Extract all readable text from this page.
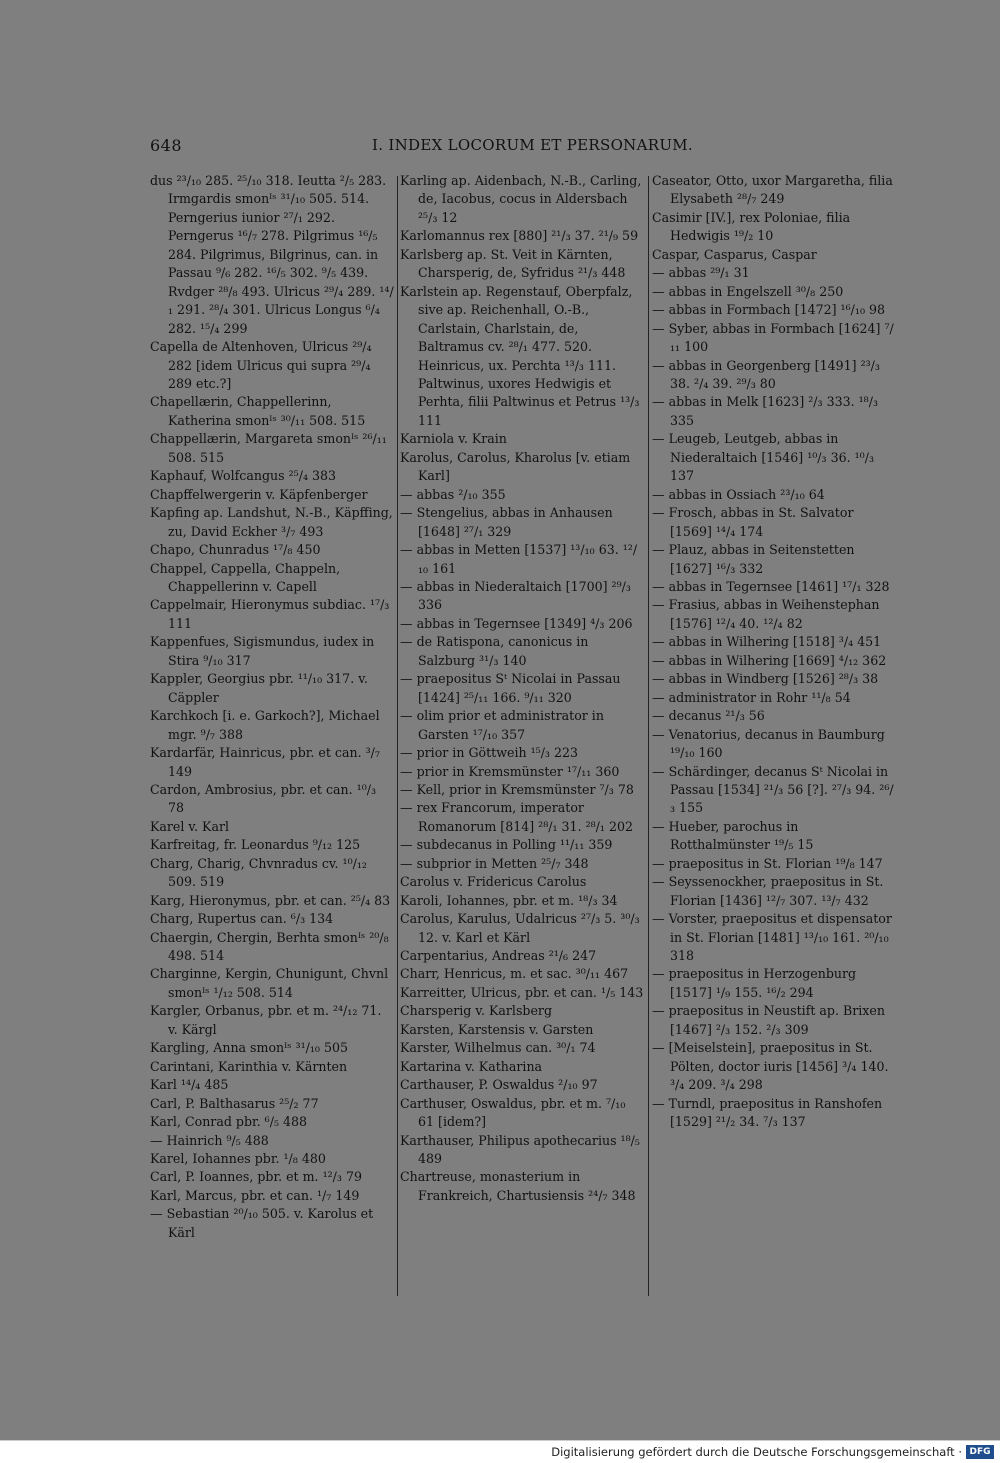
648	I. INDEX LOCORUM ET PERSONARUM.

dus ²³/₁₀ 285. ²⁵/₁₀ 318. Ieutta ²/₅ 283. Irmgardis smonᴵˢ ³¹/₁₀ 505. 514. Perngerius iunior ²⁷/₁ 292. Perngerus ¹⁶/₇ 278. Pilgrimus ¹⁶/₅ 284. Pilgrimus, Bilgrinus, can. in Passau ⁹/₆ 282. ¹⁶/₅ 302. ⁹/₅ 439. Rvdger ²⁸/₈ 493. Ulricus ²⁹/₄ 289. ¹⁴/₁ 291. ²⁸/₄ 301. Ulricus Longus ⁶/₄ 282. ¹⁵/₄ 299

Capella de Altenhoven, Ulricus ²⁹/₄ 282 [idem Ulricus qui supra ²⁹/₄ 289 etc.?]

Chapellærin, Chappellerinn, Katherina smonᴵˢ ³⁰/₁₁ 508. 515

Chappellærin, Margareta smonᴵˢ ²⁶/₁₁ 508. 515

Kaphauf, Wolfcangus ²⁵/₄ 383

Chapffelwergerin v. Käpfenberger

Kapfing ap. Landshut, N.-B., Käpffing, zu, David Eckher ³/₇ 493

Chapo, Chunradus ¹⁷/₈ 450

Chappel, Cappella, Chappeln, Chappellerinn v. Capell

Cappelmair, Hieronymus subdiac. ¹⁷/₃ 111

Kappenfues, Sigismundus, iudex in Stira ⁹/₁₀ 317

Kappler, Georgius pbr. ¹¹/₁₀ 317. v. Cäppler

Karchkoch [i. e. Garkoch?], Michael mgr. ⁹/₇ 388

Kardarfär, Hainricus, pbr. et can. ³/₇ 149

Cardon, Ambrosius, pbr. et can. ¹⁰/₃ 78

Karel v. Karl

Karfreitag, fr. Leonardus ⁹/₁₂ 125

Charg, Charig, Chvnradus cv. ¹⁰/₁₂ 509. 519

Karg, Hieronymus, pbr. et can. ²⁵/₄ 83

Charg, Rupertus can. ⁶/₃ 134

Chaergin, Chergin, Berhta smonᴵˢ ²⁰/₈ 498. 514

Charginne, Kergin, Chunigunt, Chvnl smonᴵˢ ¹/₁₂ 508. 514

Kargler, Orbanus, pbr. et m. ²⁴/₁₂ 71. v. Kärgl

Kargling, Anna smonᴵˢ ³¹/₁₀ 505

Carintani, Karinthia v. Kärnten

Karl ¹⁴/₄ 485

Carl, P. Balthasarus ²⁵/₂ 77

Karl, Conrad pbr. ⁶/₅ 488

— Hainrich ⁹/₅ 488

Karel, Iohannes pbr. ¹/₈ 480

Carl, P. Ioannes, pbr. et m. ¹²/₃ 79

Karl, Marcus, pbr. et can. ¹/₇ 149

— Sebastian ²⁰/₁₀ 505. v. Karolus et Kärl

Karling ap. Aidenbach, N.-B., Carling, de, Iacobus, cocus in Aldersbach ²⁵/₃ 12

Karlomannus rex [880] ²¹/₃ 37. ²¹/₉ 59

Karlsberg ap. St. Veit in Kärnten, Charsperig, de, Syfridus ²¹/₃ 448

Karlstein ap. Regenstauf, Oberpfalz, sive ap. Reichenhall, O.-B., Carlstain, Charlstain, de, Baltramus cv. ²⁸/₁ 477. 520. Heinricus, ux. Perchta ¹³/₃ 111. Paltwinus, uxores Hedwigis et Perhta, filii Paltwinus et Petrus ¹³/₃ 111

Karniola v. Krain

Karolus, Carolus, Kharolus [v. etiam Karl]

— abbas ²/₁₀ 355

— Stengelius, abbas in Anhausen [1648] ²⁷/₁ 329

— abbas in Metten [1537] ¹³/₁₀ 63. ¹²/₁₀ 161

— abbas in Niederaltaich [1700] ²⁹/₃ 336

— abbas in Tegernsee [1349] ⁴/₃ 206

— de Ratispona, canonicus in Salzburg ³¹/₃ 140

— praepositus Sᵗ Nicolai in Passau [1424] ²⁵/₁₁ 166. ⁹/₁₁ 320

— olim prior et administrator in Garsten ¹⁷/₁₀ 357

— prior in Göttweih ¹⁵/₃ 223

— prior in Kremsmünster ¹⁷/₁₁ 360

— Kell, prior in Kremsmünster ⁷/₃ 78

— rex Francorum, imperator Romanorum [814] ²⁸/₁ 31. ²⁸/₁ 202

— subdecanus in Polling ¹¹/₁₁ 359

— subprior in Metten ²⁵/₇ 348

Carolus v. Fridericus Carolus

Karoli, Iohannes, pbr. et m. ¹⁸/₃ 34

Carolus, Karulus, Udalricus ²⁷/₃ 5. ³⁰/₃ 12. v. Karl et Kärl

Carpentarius, Andreas ²¹/₆ 247

Charr, Henricus, m. et sac. ³⁰/₁₁ 467

Karreitter, Ulricus, pbr. et can. ¹/₅ 143

Charsperig v. Karlsberg

Karsten, Karstensis v. Garsten

Karster, Wilhelmus can. ³⁰/₁ 74

Kartarina v. Katharina

Carthauser, P. Oswaldus ²/₁₀ 97

Carthuser, Oswaldus, pbr. et m. ⁷/₁₀ 61 [idem?]

Karthauser, Philipus apothecarius ¹⁸/₅ 489

Chartreuse, monasterium in Frankreich, Chartusiensis ²⁴/₇ 348

Caseator, Otto, uxor Margaretha, filia Elysabeth ²⁸/₇ 249

Casimir [IV.], rex Poloniae, filia Hedwigis ¹⁹/₂ 10

Caspar, Casparus, Caspar

— abbas ²⁹/₁ 31

— abbas in Engelszell ³⁰/₈ 250

— abbas in Formbach [1472] ¹⁶/₁₀ 98

— Syber, abbas in Formbach [1624] ⁷/₁₁ 100

— abbas in Georgenberg [1491] ²³/₃ 38. ²/₄ 39. ²⁹/₃ 80

— abbas in Melk [1623] ²/₃ 333. ¹⁸/₃ 335

— Leugeb, Leutgeb, abbas in Niederaltaich [1546] ¹⁰/₃ 36. ¹⁰/₃ 137

— abbas in Ossiach ²³/₁₀ 64

— Frosch, abbas in St. Salvator [1569] ¹⁴/₄ 174

— Plauz, abbas in Seitenstetten [1627] ¹⁶/₃ 332

— abbas in Tegernsee [1461] ¹⁷/₁ 328

— Frasius, abbas in Weihenstephan [1576] ¹²/₄ 40. ¹²/₄ 82

— abbas in Wilhering [1518] ³/₄ 451

— abbas in Wilhering [1669] ⁴/₁₂ 362

— abbas in Windberg [1526] ²⁸/₃ 38

— administrator in Rohr ¹¹/₈ 54

— decanus ²¹/₃ 56

— Venatorius, decanus in Baumburg ¹⁹/₁₀ 160

— Schärdinger, decanus Sᵗ Nicolai in Passau [1534] ²¹/₃ 56 [?]. ²⁷/₃ 94. ²⁶/₃ 155

— Hueber, parochus in Rotthalmünster ¹⁹/₅ 15

— praepositus in St. Florian ¹⁹/₈ 147

— Seyssenockher, praepositus in St. Florian [1436] ¹²/₇ 307. ¹³/₇ 432

— Vorster, praepositus et dispensator in St. Florian [1481] ¹³/₁₀ 161. ²⁰/₁₀ 318

— praepositus in Herzogenburg [1517] ¹/₉ 155. ¹⁶/₂ 294

— praepositus in Neustift ap. Brixen [1467] ²/₃ 152. ²/₃ 309

— [Meiselstein], praepositus in St. Pölten, doctor iuris [1456] ³/₄ 140. ³/₄ 209. ³/₄ 298

— Turndl, praepositus in Ranshofen [1529] ²¹/₂ 34. ⁷/₃ 137

Digitalisierung gefördert durch die Deutsche Forschungsgemeinschaft · DFG
